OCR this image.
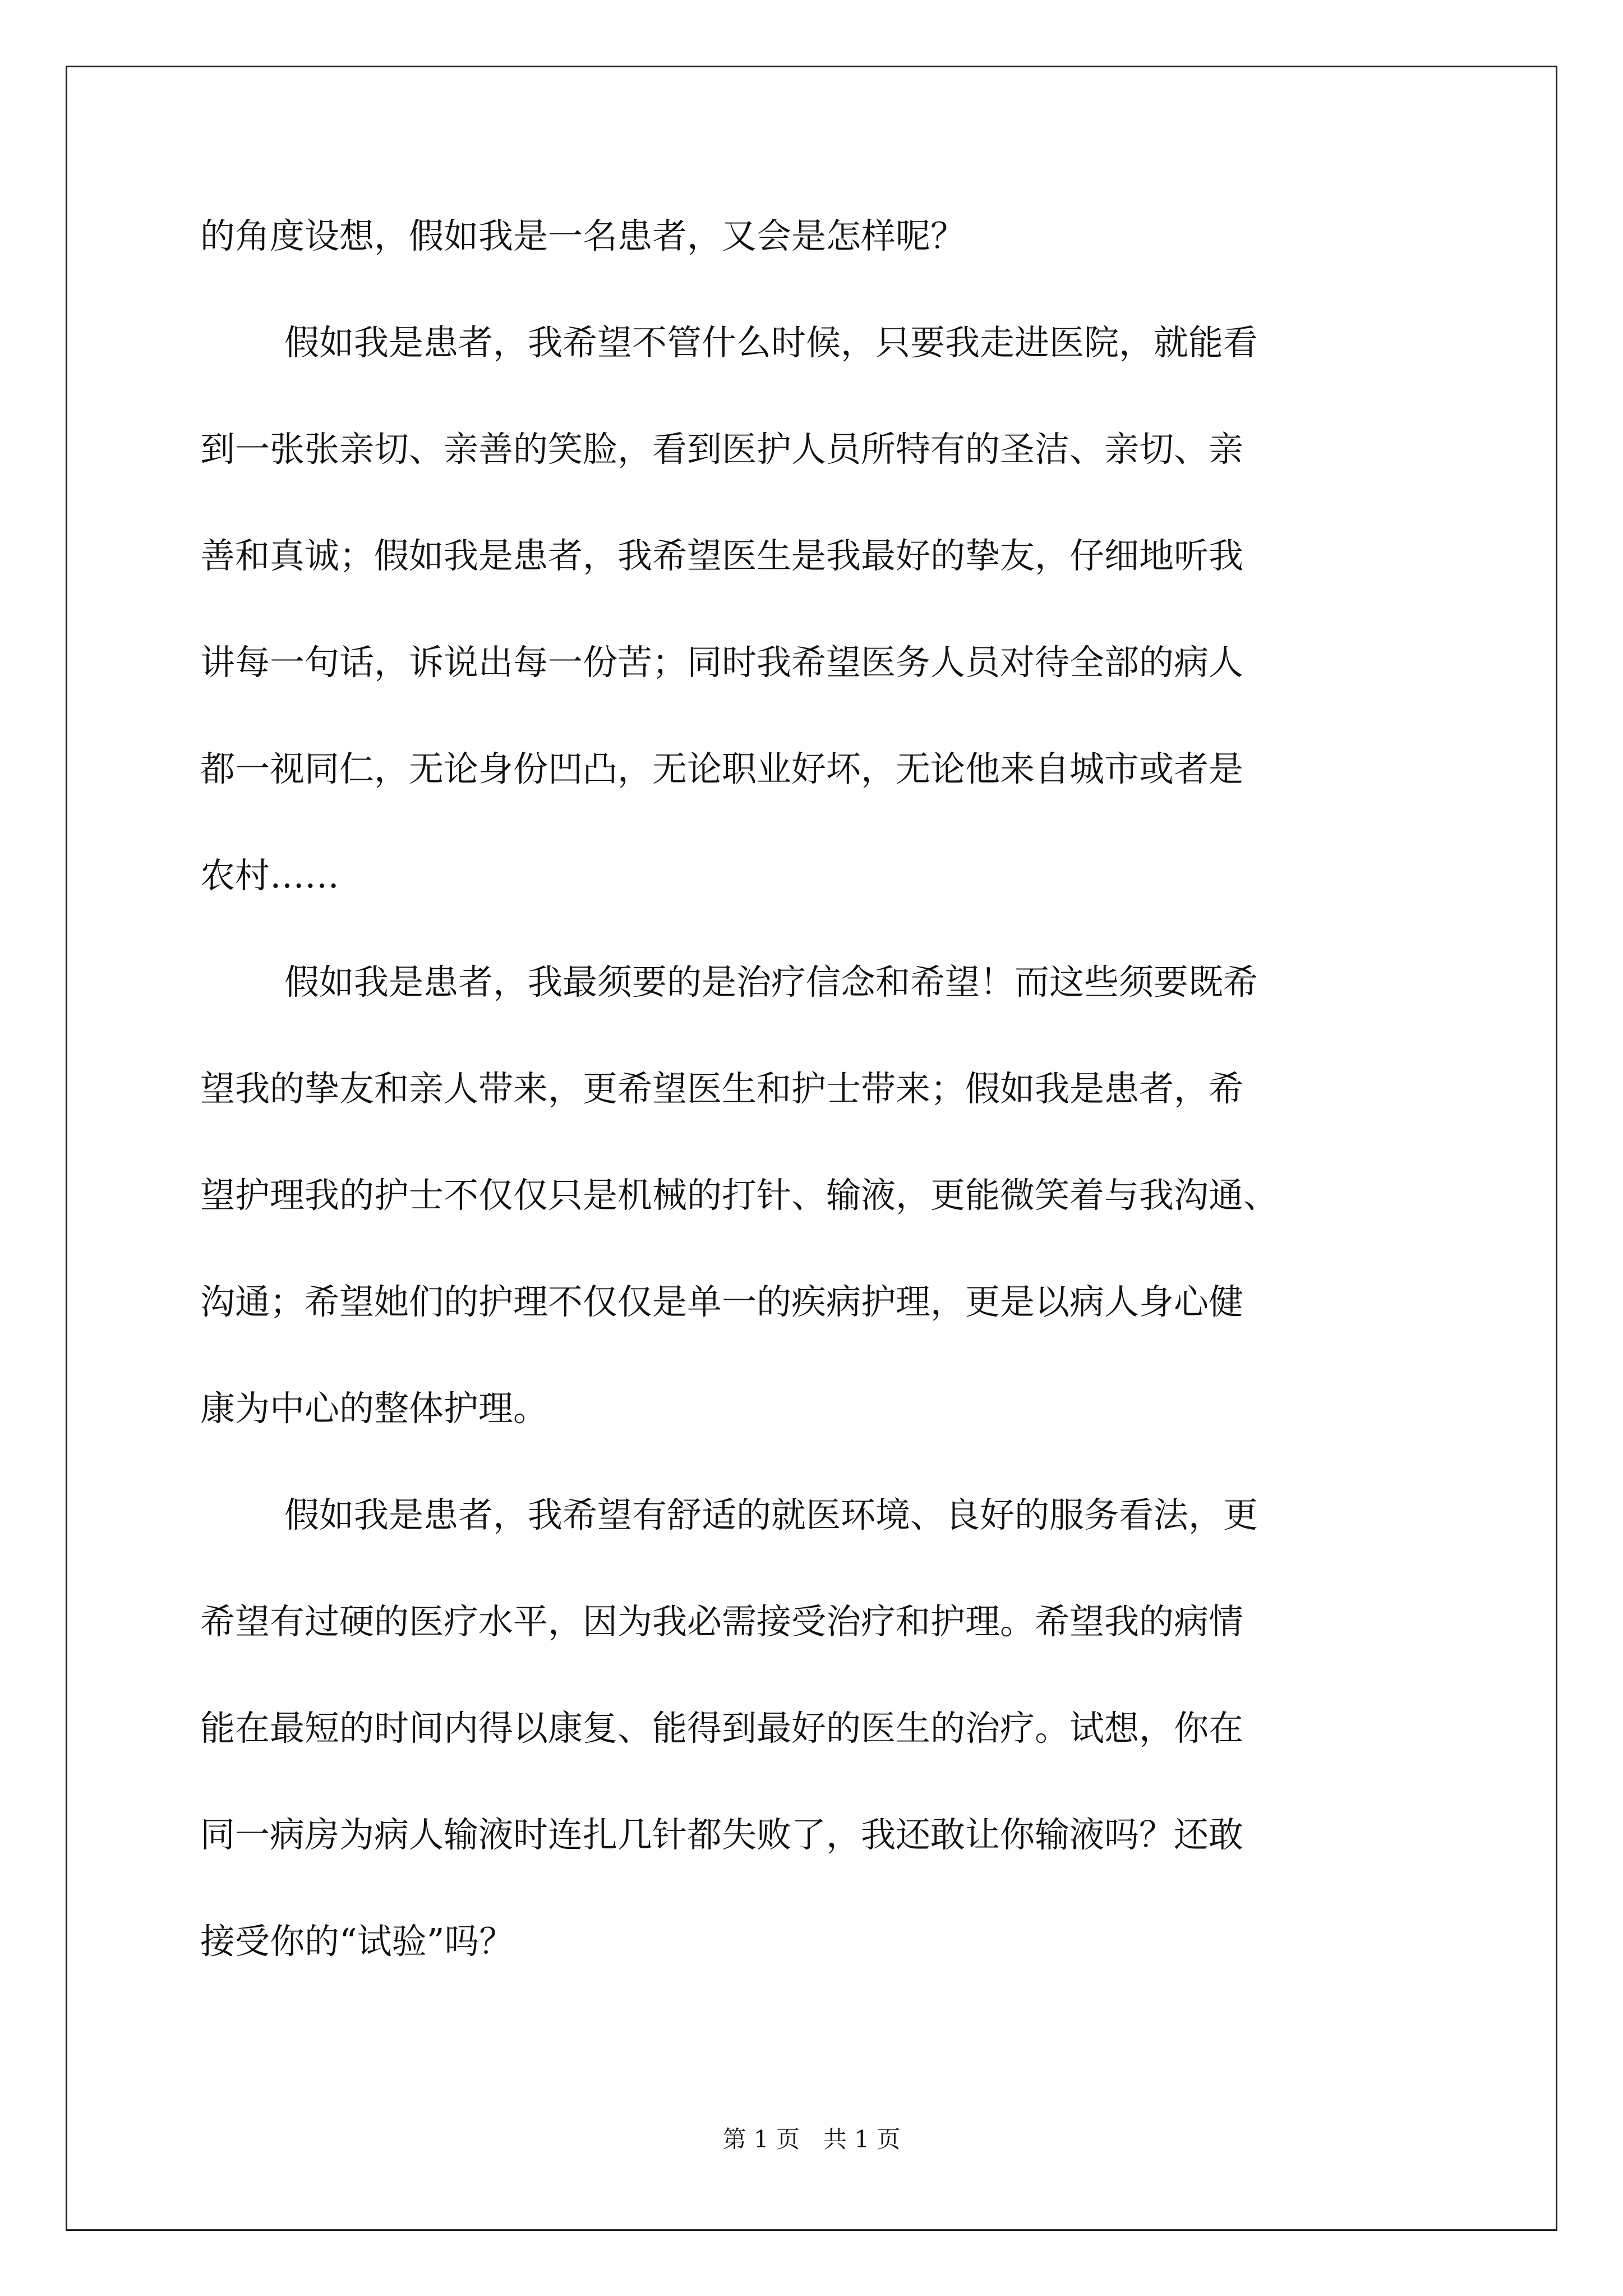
的角度设想，假如我是一名患者，又会是怎样呢？
假如我是患者，我希望不管什么时候，只要我走进医院，就能看
到一张张亲切、亲善的笑脸，看到医护人员所特有的圣洁、亲切、亲
善和真诚；假如我是患者，我希望医生是我最好的挚友，仔细地听我
讲每一句话，诉说出每一份苦；同时我希望医务人员对待全部的病人
都一视同仁，无论身份凹凸，无论职业好坏，无论他来自城市或者是
农村……
假如我是患者，我最须要的是治疗信念和希望！而这些须要既希
望我的挚友和亲人带来，更希望医生和护士带来；假如我是患者，希
望护理我的护士不仅仅只是机械的打针、输液，更能微笑着与我沟通、
沟通；希望她们的护理不仅仅是单一的疾病护理，更是以病人身心健
康为中心的整体护理。
假如我是患者，我希望有舒适的就医环境、良好的服务看法，更
希望有过硬的医疗水平，因为我必需接受治疗和护理。希望我的病情
能在最短的时间内得以康复、能得到最好的医生的治疗。试想，你在
同一病房为病人输液时连扎几针都失败了，我还敢让你输液吗？还敢
接受你的“试验”吗？
第 1 页　共 1 页
